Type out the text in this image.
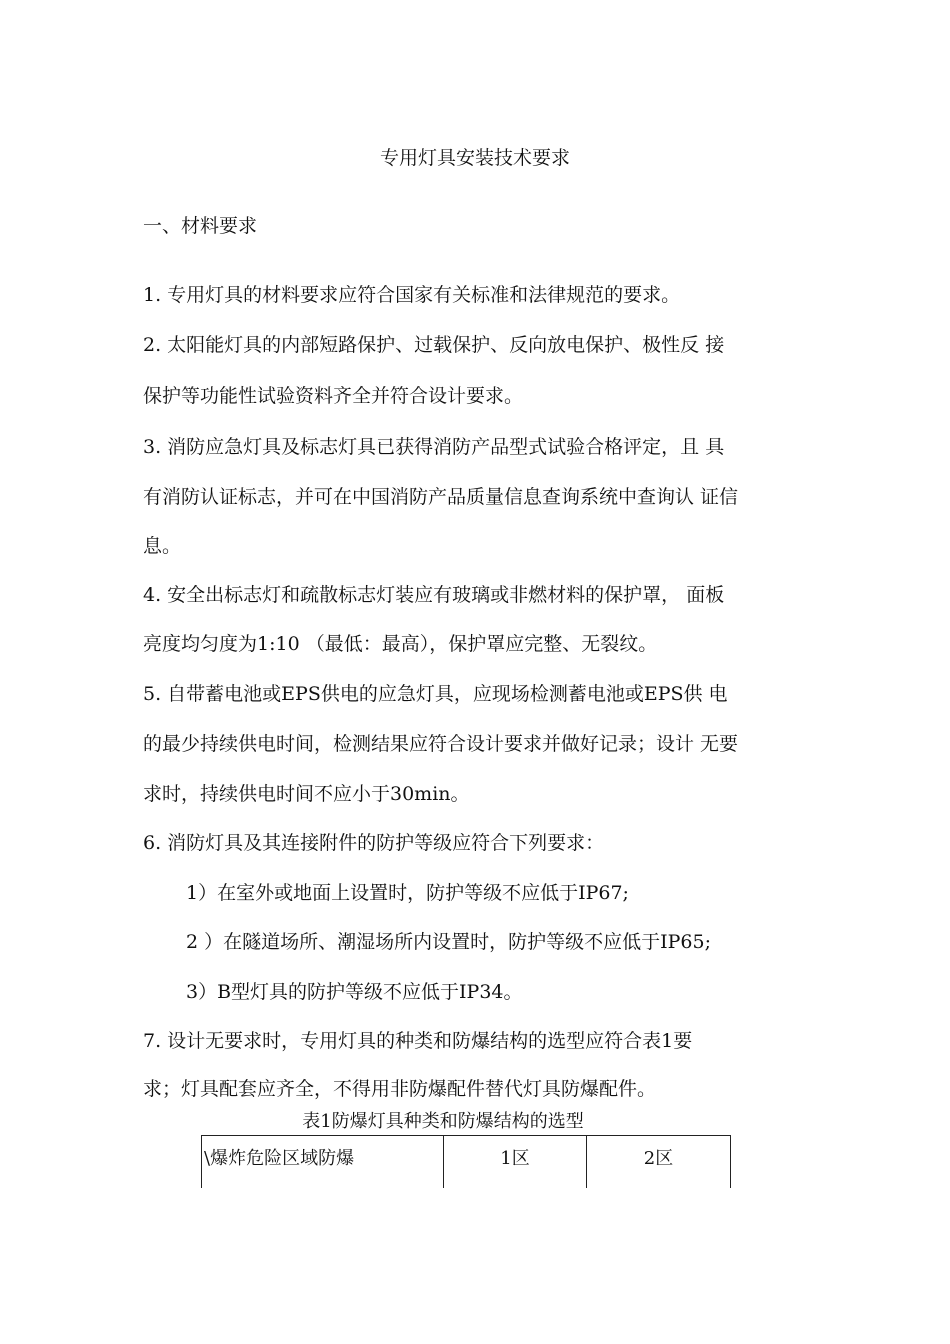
专用灯具安装技术要求
一、材料要求
1. 专用灯具的材料要求应符合国家有关标准和法律规范的要求。
2. 太阳能灯具的内部短路保护、过载保护、反向放电保护、极性反 接
保护等功能性试验资料齐全并符合设计要求。
3. 消防应急灯具及标志灯具已获得消防产品型式试验合格评定，且 具
有消防认证标志，并可在中国消防产品质量信息查询系统中查询认 证信
息。
4. 安全出标志灯和疏散标志灯装应有玻璃或非燃材料的保护罩， 面板
亮度均匀度为1:10 （最低：最高），保护罩应完整、无裂纹。
5. 自带蓄电池或EPS供电的应急灯具，应现场检测蓄电池或EPS供 电
的最少持续供电时间，检测结果应符合设计要求并做好记录；设计 无要
求时，持续供电时间不应小于30min。
6. 消防灯具及其连接附件的防护等级应符合下列要求：
1）在室外或地面上设置时，防护等级不应低于IP67;
2 ）在隧道场所、潮湿场所内设置时，防护等级不应低于IP65;
3）B型灯具的防护等级不应低于IP34。
7. 设计无要求时，专用灯具的种类和防爆结构的选型应符合表1要
求；灯具配套应齐全，不得用非防爆配件替代灯具防爆配件。
表1防爆灯具种类和防爆结构的选型
\爆炸危险区域防爆	1区	2区
